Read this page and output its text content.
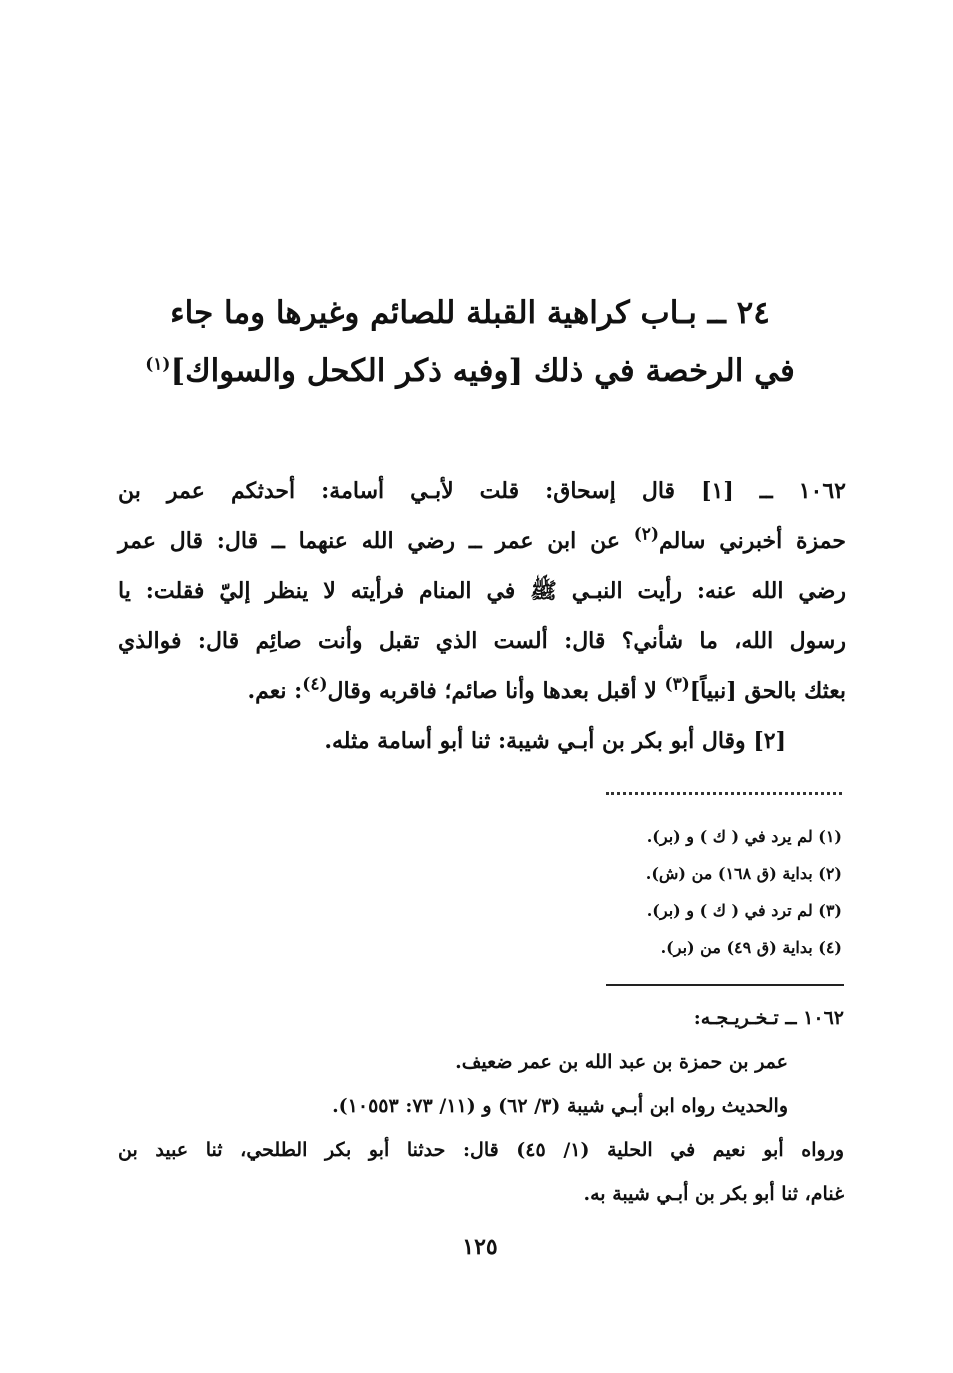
٢٤ ــ بـاب كراهية القبلة للصائم وغيرها وما جاء
في الرخصة في ذلك [وفيه ذكر الكحل والسواك]$^{(١)}$
١٠٦٢ ــ [١] قال إسحاق: قلت لأبـي أسامة: أحدثكم عمر بن
حمزة أخبرني سالم$^{(٢)}$ عن ابن عمر ــ رضي الله عنهما ــ قال: قال عمر
رضي الله عنه: رأيت النبـي ﷺ في المنام فرأيته لا ينظر إليّ فقلت: يا
رسول الله، ما شأني؟ قال: ألست الذي تقبل وأنت صائِم قال: فوالذي
بعثك بالحق [نبياً]$^{(٣)}$ لا أقبل بعدها وأنا صائم؛ فاقربه وقال$^{(٤)}$: نعم.
[٢] وقال أبو بكر بن أبـي شيبة: ثنا أبو أسامة مثله.
(١) لم يرد في ( ك ) و (بر).
(٢) بداية (ق ١٦٨) من (ش).
(٣) لم ترد في ( ك ) و (بر).
(٤) بداية (ق ٤٩) من (بر).
١٠٦٢ ــ تـخـريـجـه:
عمر بن حمزة بن عبد الله بن عمر ضعيف.
والحديث رواه ابن أبـي شيبة (٣/ ٦٢) و (١١/ ٧٣: ١٠٥٥٣).
ورواه أبو نعيم في الحلية (١/ ٤٥) قال: حدثنا أبو بكر الطلحي، ثنا عبيد بن
غنام، ثنا أبو بكر بن أبـي شيبة به.
١٢٥
